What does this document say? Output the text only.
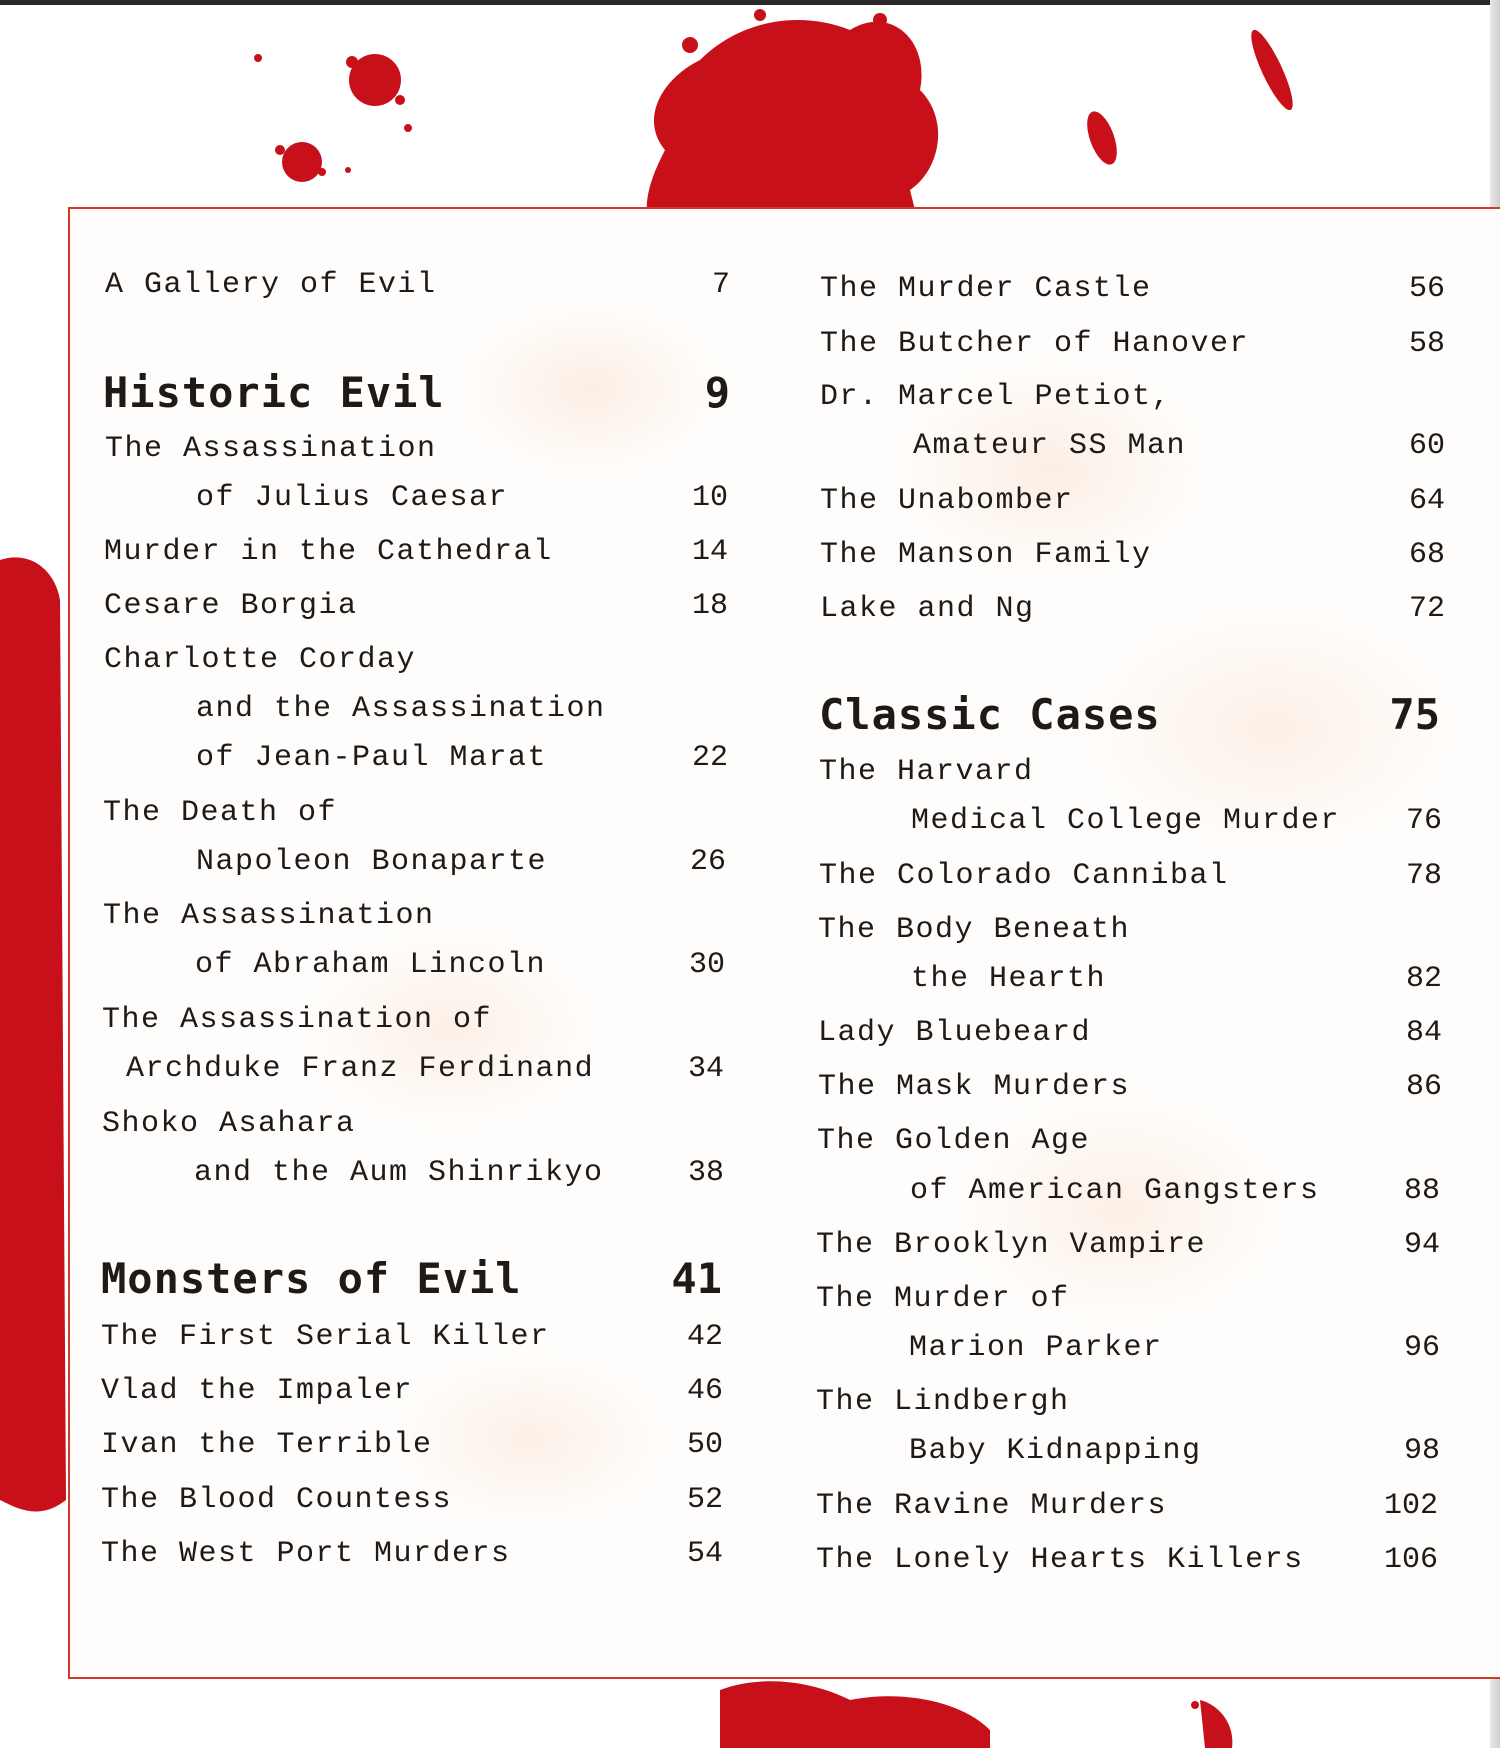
A Gallery of Evil	7
Historic Evil	9
The Assassination
of Julius Caesar	10
Murder in the Cathedral	14
Cesare Borgia	18
Charlotte Corday
and the Assassination
of Jean-Paul Marat	22
The Death of
Napoleon Bonaparte	26
The Assassination
of Abraham Lincoln	30
The Assassination of
Archduke Franz Ferdinand	34
Shoko Asahara
and the Aum Shinrikyo	38
Monsters of Evil	41
The First Serial Killer	42
Vlad the Impaler	46
Ivan the Terrible	50
The Blood Countess	52
The West Port Murders	54
The Murder Castle	56
The Butcher of Hanover	58
Dr. Marcel Petiot,
Amateur SS Man	60
The Unabomber	64
The Manson Family	68
Lake and Ng	72
Classic Cases	75
The Harvard
Medical College Murder	76
The Colorado Cannibal	78
The Body Beneath
the Hearth	82
Lady Bluebeard	84
The Mask Murders	86
The Golden Age
of American Gangsters	88
The Brooklyn Vampire	94
The Murder of
Marion Parker	96
The Lindbergh
Baby Kidnapping	98
The Ravine Murders	102
The Lonely Hearts Killers	106
